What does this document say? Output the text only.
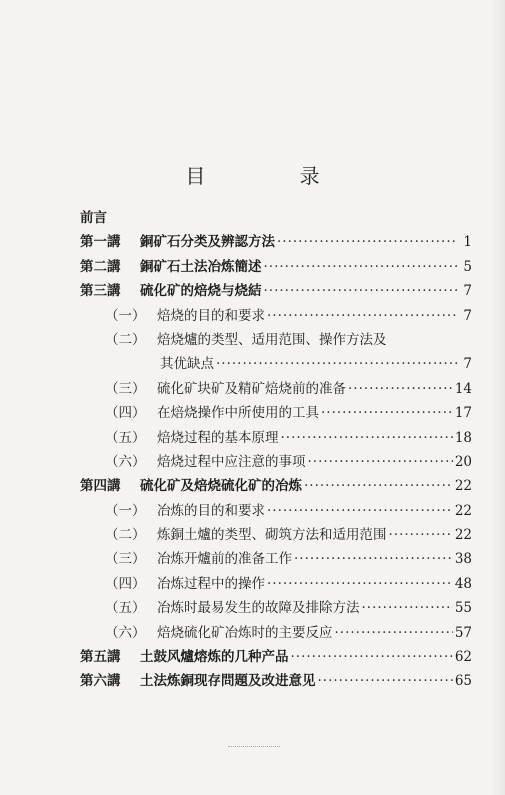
目 录
前言
第一講	銅矿石分类及辨認方法 ·····	1
第二講	銅矿石土法冶炼簡述 ·····	5
第三講	硫化矿的焙烧与烧結 ·····	7
（一） 焙烧的目的和要求 ·····	7
（二） 焙烧爐的类型、适用范围、操作方法及
其优缺点 ·····	7
（三） 硫化矿块矿及精矿焙烧前的准备 ·····	14
（四） 在焙烧操作中所使用的工具 ·····	17
（五） 焙烧过程的基本原理 ·····	18
（六） 焙烧过程中应注意的事项 ·····	20
第四講	硫化矿及焙烧硫化矿的冶炼 ·····	22
（一） 冶炼的目的和要求 ·····	22
（二） 炼銅土爐的类型、砌筑方法和适用范围 ·····	22
（三） 冶炼开爐前的准备工作 ·····	38
（四） 冶炼过程中的操作 ·····	48
（五） 冶炼时最易发生的故障及排除方法 ·····	55
（六） 焙烧硫化矿冶炼时的主要反应 ·····	57
第五講	土鼓风爐熔炼的几种产品 ·····	62
第六講	土法炼銅现存問題及改进意见 ·····	65
